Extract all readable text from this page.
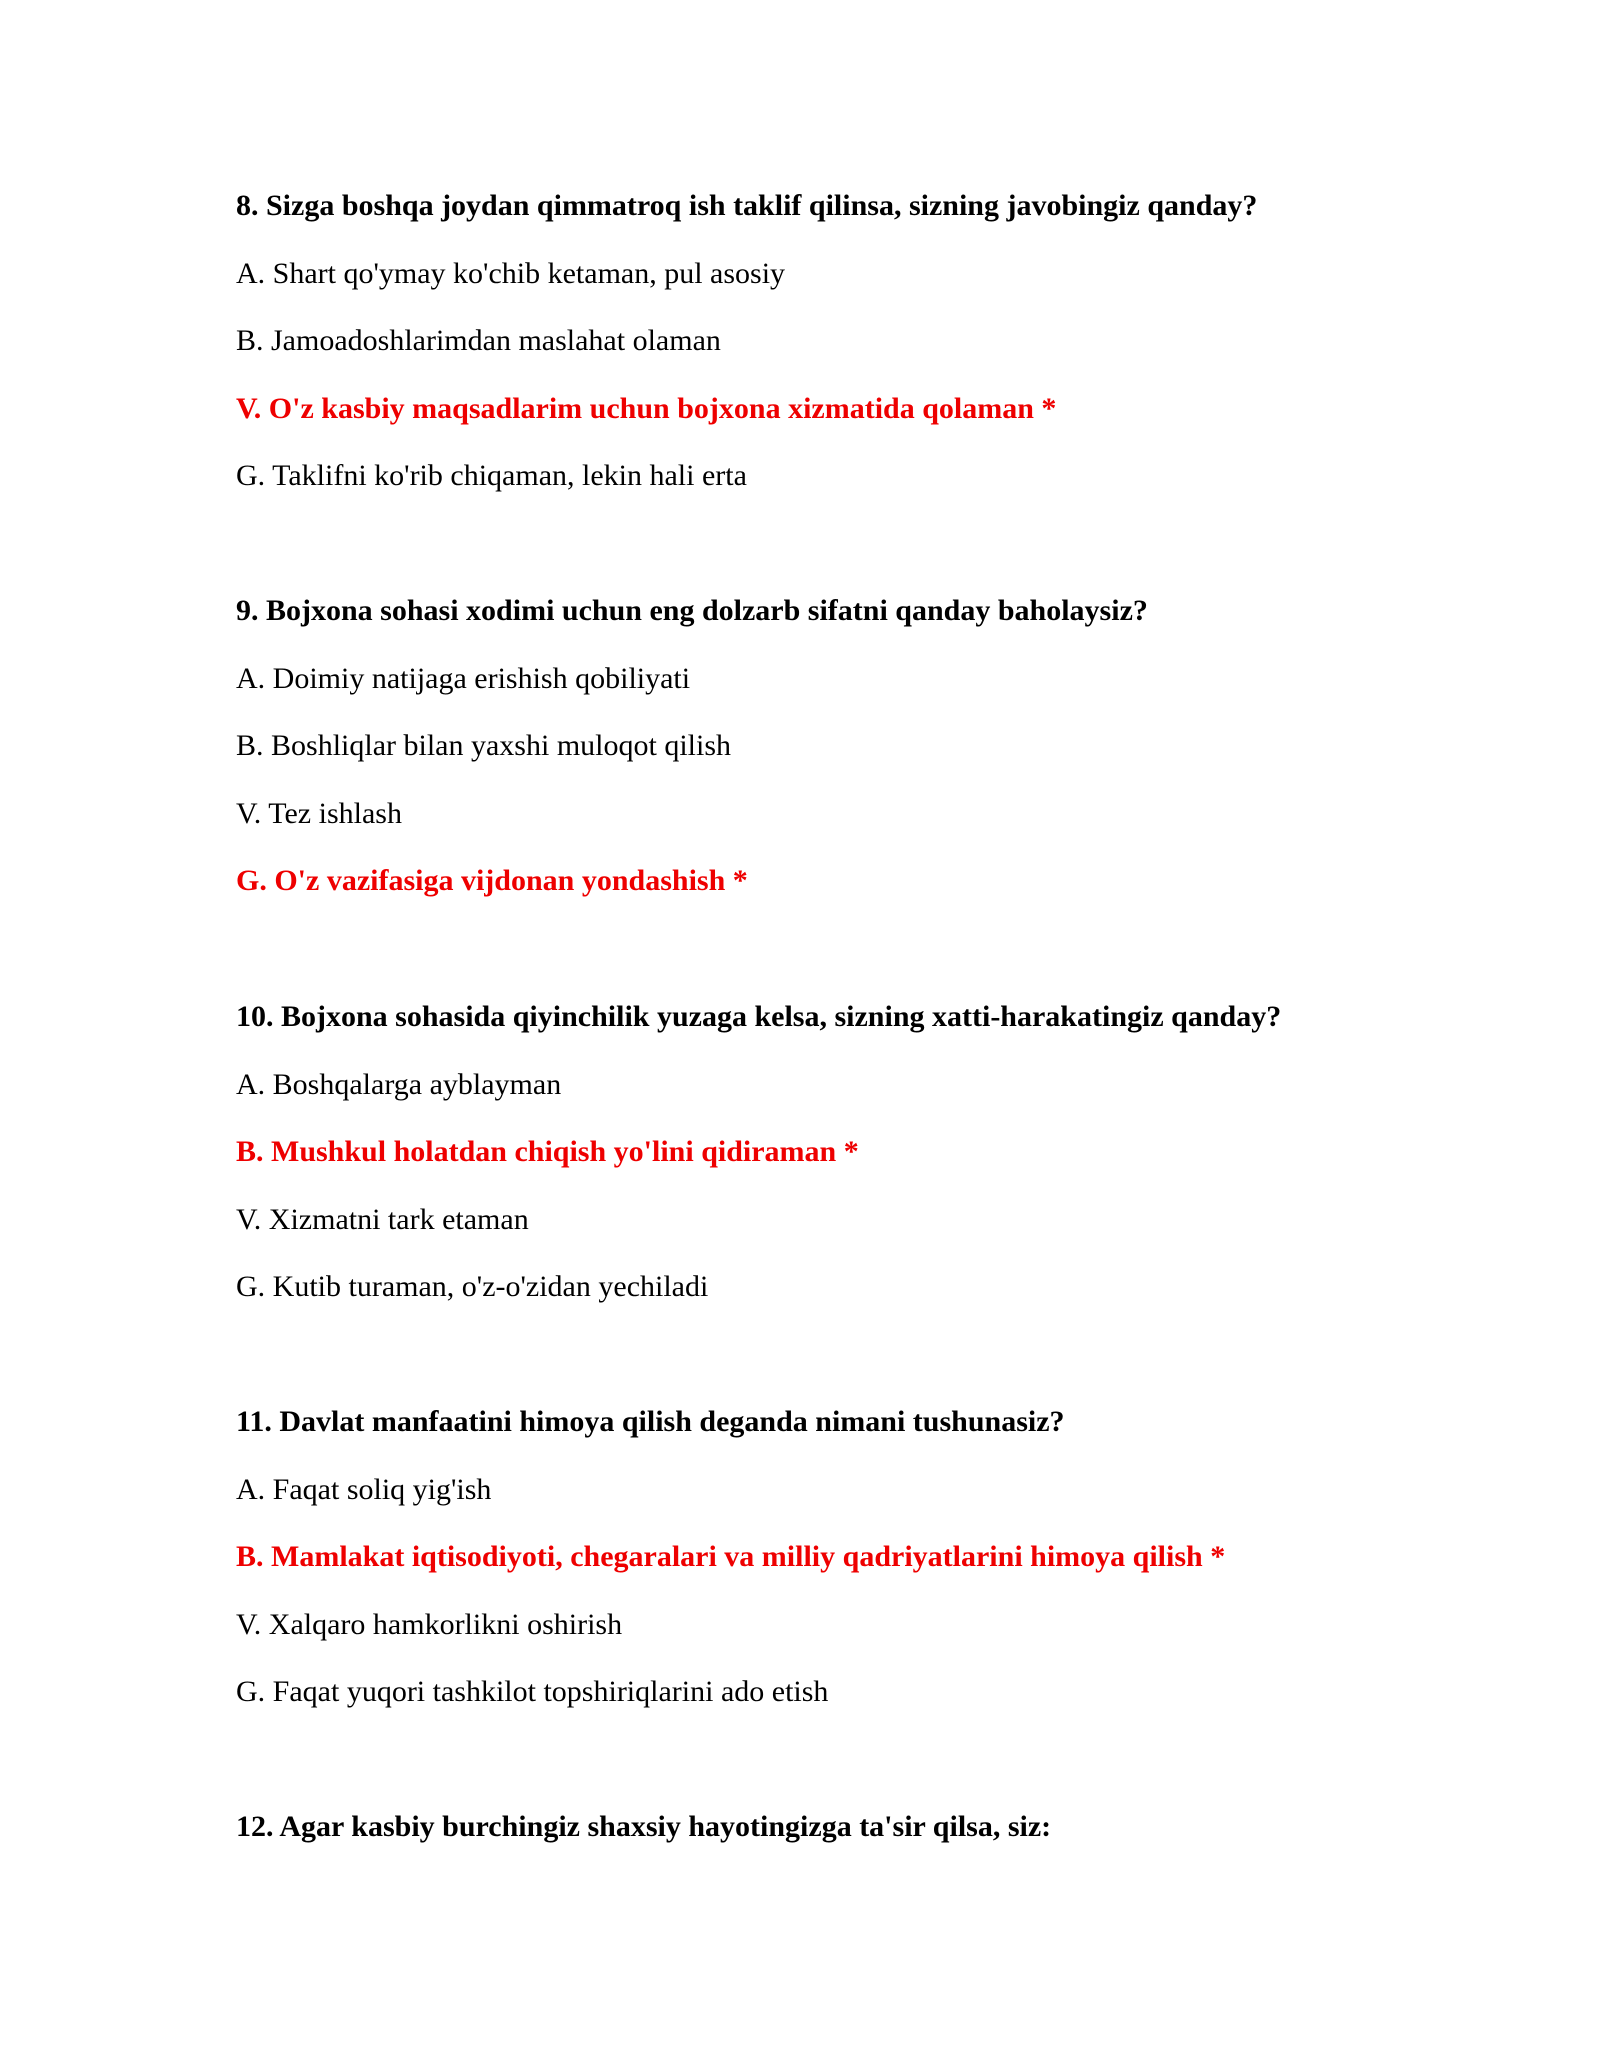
8. Sizga boshqa joydan qimmatroq ish taklif qilinsa, sizning javobingiz qanday?
A. Shart qo'ymay ko'chib ketaman, pul asosiy
B. Jamoadoshlarimdan maslahat olaman
V. O'z kasbiy maqsadlarim uchun bojxona xizmatida qolaman *
G. Taklifni ko'rib chiqaman, lekin hali erta
9. Bojxona sohasi xodimi uchun eng dolzarb sifatni qanday baholaysiz?
A. Doimiy natijaga erishish qobiliyati
B. Boshliqlar bilan yaxshi muloqot qilish
V. Tez ishlash
G. O'z vazifasiga vijdonan yondashish *
10. Bojxona sohasida qiyinchilik yuzaga kelsa, sizning xatti-harakatingiz qanday?
A. Boshqalarga ayblayman
B. Mushkul holatdan chiqish yo'lini qidiraman *
V. Xizmatni tark etaman
G. Kutib turaman, o'z-o'zidan yechiladi
11. Davlat manfaatini himoya qilish deganda nimani tushunasiz?
A. Faqat soliq yig'ish
B. Mamlakat iqtisodiyoti, chegaralari va milliy qadriyatlarini himoya qilish *
V. Xalqaro hamkorlikni oshirish
G. Faqat yuqori tashkilot topshiriqlarini ado etish
12. Agar kasbiy burchingiz shaxsiy hayotingizga ta'sir qilsa, siz:
